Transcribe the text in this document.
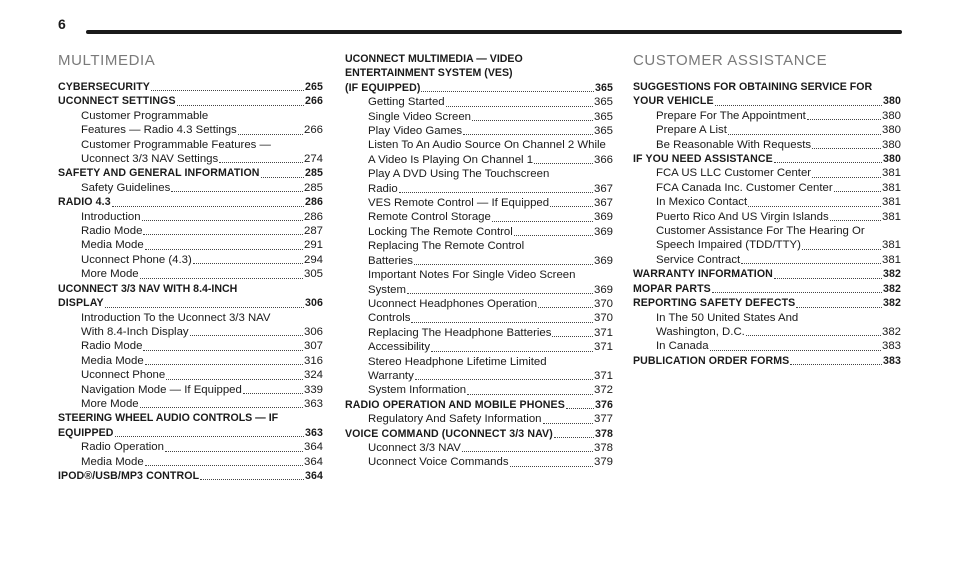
6
MULTIMEDIA
CYBERSECURITY	265
UCONNECT SETTINGS	266
Customer Programmable
Features — Radio 4.3 Settings	266
Customer Programmable Features —
Uconnect 3/3 NAV Settings	274
SAFETY AND GENERAL INFORMATION	285
Safety Guidelines	285
RADIO 4.3	286
Introduction	286
Radio Mode	287
Media Mode	291
Uconnect Phone (4.3)	294
More Mode	305
UCONNECT 3/3 NAV WITH 8.4-INCH
DISPLAY	306
Introduction To the Uconnect 3/3 NAV
With 8.4-Inch Display	306
Radio Mode	307
Media Mode	316
Uconnect Phone	324
Navigation Mode — If Equipped	339
More Mode	363
STEERING WHEEL AUDIO CONTROLS — IF
EQUIPPED	363
Radio Operation	364
Media Mode	364
IPOD®/USB/MP3 CONTROL	364
UCONNECT MULTIMEDIA — VIDEO
ENTERTAINMENT SYSTEM (VES)
(IF EQUIPPED)	365
Getting Started	365
Single Video Screen	365
Play Video Games	365
Listen To An Audio Source On Channel 2 While
A Video Is Playing On Channel 1	366
Play A DVD Using The Touchscreen
Radio	367
VES Remote Control — If Equipped	367
Remote Control Storage	369
Locking The Remote Control	369
Replacing The Remote Control
Batteries	369
Important Notes For Single Video Screen
System	369
Uconnect Headphones Operation	370
Controls	370
Replacing The Headphone Batteries	371
Accessibility	371
Stereo Headphone Lifetime Limited
Warranty	371
System Information	372
RADIO OPERATION AND MOBILE PHONES	376
Regulatory And Safety Information	377
VOICE COMMAND (UCONNECT 3/3 NAV)	378
Uconnect 3/3 NAV	378
Uconnect Voice Commands	379
CUSTOMER ASSISTANCE
SUGGESTIONS FOR OBTAINING SERVICE FOR
YOUR VEHICLE	380
Prepare For The Appointment	380
Prepare A List	380
Be Reasonable With Requests	380
IF YOU NEED ASSISTANCE	380
FCA US LLC Customer Center	381
FCA Canada Inc. Customer Center	381
In Mexico Contact	381
Puerto Rico And US Virgin Islands	381
Customer Assistance For The Hearing Or
Speech Impaired (TDD/TTY)	381
Service Contract	381
WARRANTY INFORMATION	382
MOPAR PARTS	382
REPORTING SAFETY DEFECTS	382
In The 50 United States And
Washington, D.C.	382
In Canada	383
PUBLICATION ORDER FORMS	383
